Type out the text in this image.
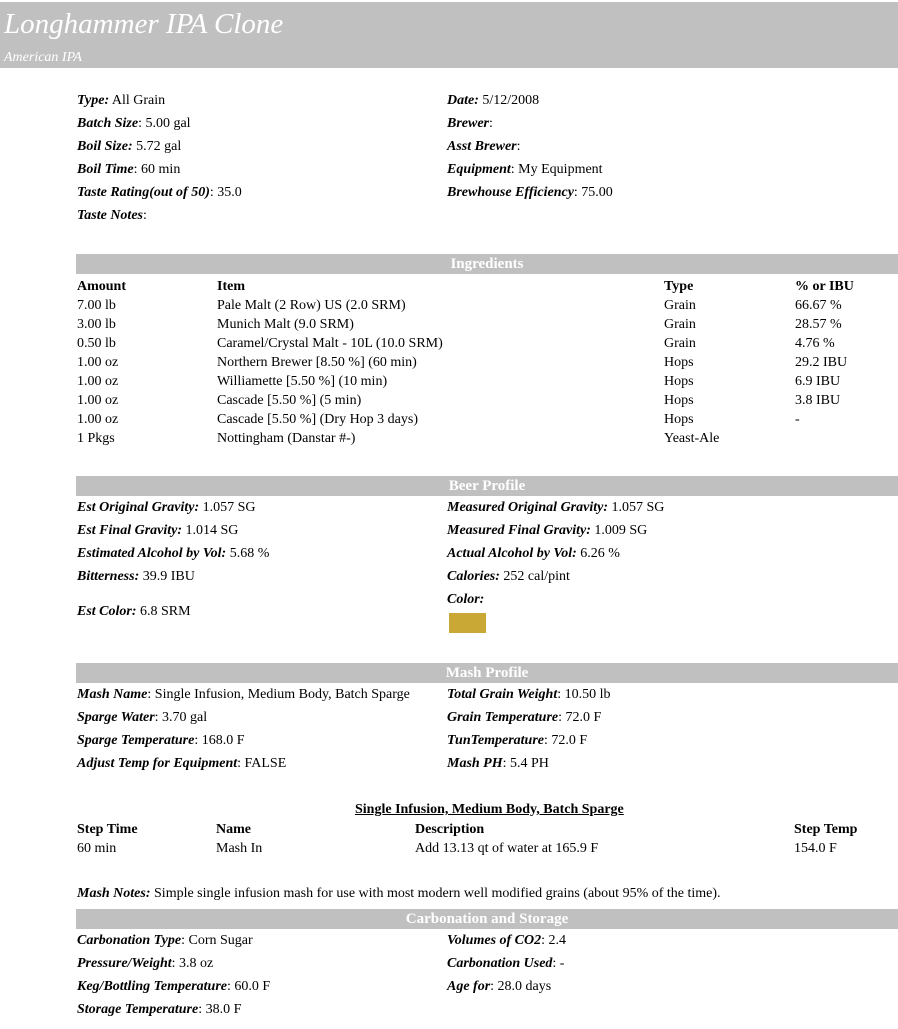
Longhammer IPA Clone
American IPA
Type: All Grain
Batch Size: 5.00 gal
Boil Size: 5.72 gal
Boil Time: 60 min
Taste Rating(out of 50): 35.0
Taste Notes:
Date: 5/12/2008
Brewer:
Asst Brewer:
Equipment: My Equipment
Brewhouse Efficiency: 75.00
Ingredients
Amount	Item	Type	% or IBU
7.00 lb	Pale Malt (2 Row) US (2.0 SRM)	Grain	66.67 %
3.00 lb	Munich Malt (9.0 SRM)	Grain	28.57 %
0.50 lb	Caramel/Crystal Malt - 10L (10.0 SRM)	Grain	4.76 %
1.00 oz	Northern Brewer [8.50 %] (60 min)	Hops	29.2 IBU
1.00 oz	Williamette [5.50 %] (10 min)	Hops	6.9 IBU
1.00 oz	Cascade [5.50 %] (5 min)	Hops	3.8 IBU
1.00 oz	Cascade [5.50 %] (Dry Hop 3 days)	Hops	-
1 Pkgs	Nottingham (Danstar #-)	Yeast-Ale
Beer Profile
Est Original Gravity: 1.057 SG
Est Final Gravity: 1.014 SG
Estimated Alcohol by Vol: 5.68 %
Bitterness: 39.9 IBU
Est Color: 6.8 SRM
Measured Original Gravity: 1.057 SG
Measured Final Gravity: 1.009 SG
Actual Alcohol by Vol: 6.26 %
Calories: 252 cal/pint
Color:
Mash Profile
Mash Name: Single Infusion, Medium Body, Batch Sparge
Sparge Water: 3.70 gal
Sparge Temperature: 168.0 F
Adjust Temp for Equipment: FALSE
Total Grain Weight: 10.50 lb
Grain Temperature: 72.0 F
TunTemperature: 72.0 F
Mash PH: 5.4 PH
Single Infusion, Medium Body, Batch Sparge
Step Time	Name	Description	Step Temp
60 min	Mash In	Add 13.13 qt of water at 165.9 F	154.0 F
Mash Notes: Simple single infusion mash for use with most modern well modified grains (about 95% of the time).
Carbonation and Storage
Carbonation Type: Corn Sugar
Pressure/Weight: 3.8 oz
Keg/Bottling Temperature: 60.0 F
Storage Temperature: 38.0 F
Volumes of CO2: 2.4
Carbonation Used: -
Age for: 28.0 days
